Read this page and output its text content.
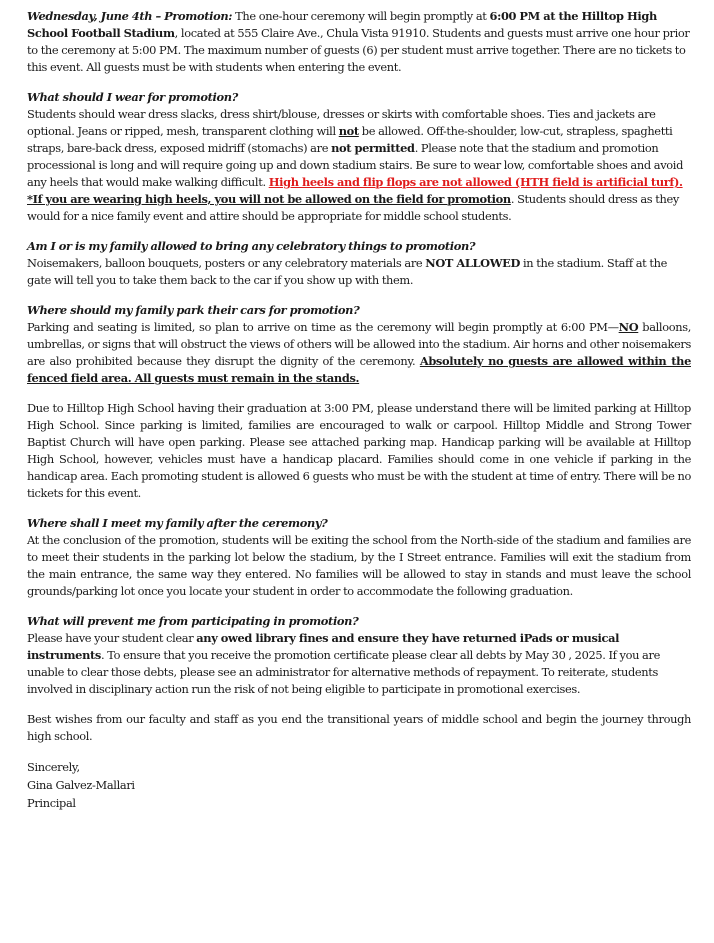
Wednesday, June 4th – Promotion: The one-hour ceremony will begin promptly at 6:00 PM at the Hilltop High School Football Stadium, located at 555 Claire Ave., Chula Vista 91910. Students and guests must arrive one hour prior to the ceremony at 5:00 PM. The maximum number of guests (6) per student must arrive together. There are no tickets to this event. All guests must be with students when entering the event.

What should I wear for promotion?

Students should wear dress slacks, dress shirt/blouse, dresses or skirts with comfortable shoes. Ties and jackets are optional. Jeans or ripped, mesh, transparent clothing will not be allowed. Off-the-shoulder, low-cut, strapless, spaghetti straps, bare-back dress, exposed midriff (stomachs) are not permitted. Please note that the stadium and promotion processional is long and will require going up and down stadium stairs. Be sure to wear low, comfortable shoes and avoid any heels that would make walking difficult. High heels and flip flops are not allowed (HTH field is artificial turf). *If you are wearing high heels, you will not be allowed on the field for promotion. Students should dress as they would for a nice family event and attire should be appropriate for middle school students.

Am I or is my family allowed to bring any celebratory things to promotion?

Noisemakers, balloon bouquets, posters or any celebratory materials are NOT ALLOWED in the stadium. Staff at the gate will tell you to take them back to the car if you show up with them.

Where should my family park their cars for promotion?

Parking and seating is limited, so plan to arrive on time as the ceremony will begin promptly at 6:00 PM—NO balloons, umbrellas, or signs that will obstruct the views of others will be allowed into the stadium. Air horns and other noisemakers are also prohibited because they disrupt the dignity of the ceremony. Absolutely no guests are allowed within the fenced field area. All guests must remain in the stands.

Due to Hilltop High School having their graduation at 3:00 PM, please understand there will be limited parking at Hilltop High School. Since parking is limited, families are encouraged to walk or carpool. Hilltop Middle and Strong Tower Baptist Church will have open parking. Please see attached parking map. Handicap parking will be available at Hilltop High School, however, vehicles must have a handicap placard. Families should come in one vehicle if parking in the handicap area. Each promoting student is allowed 6 guests who must be with the student at time of entry. There will be no tickets for this event.

Where shall I meet my family after the ceremony?

At the conclusion of the promotion, students will be exiting the school from the North-side of the stadium and families are to meet their students in the parking lot below the stadium, by the I Street entrance. Families will exit the stadium from the main entrance, the same way they entered. No families will be allowed to stay in stands and must leave the school grounds/parking lot once you locate your student in order to accommodate the following graduation.

What will prevent me from participating in promotion?

Please have your student clear any owed library fines and ensure they have returned iPads or musical instruments. To ensure that you receive the promotion certificate please clear all debts by May 30 , 2025. If you are unable to clear those debts, please see an administrator for alternative methods of repayment. To reiterate, students involved in disciplinary action run the risk of not being eligible to participate in promotional exercises.

Best wishes from our faculty and staff as you end the transitional years of middle school and begin the journey through high school.

Sincerely,

Gina Galvez-Mallari

Principal
